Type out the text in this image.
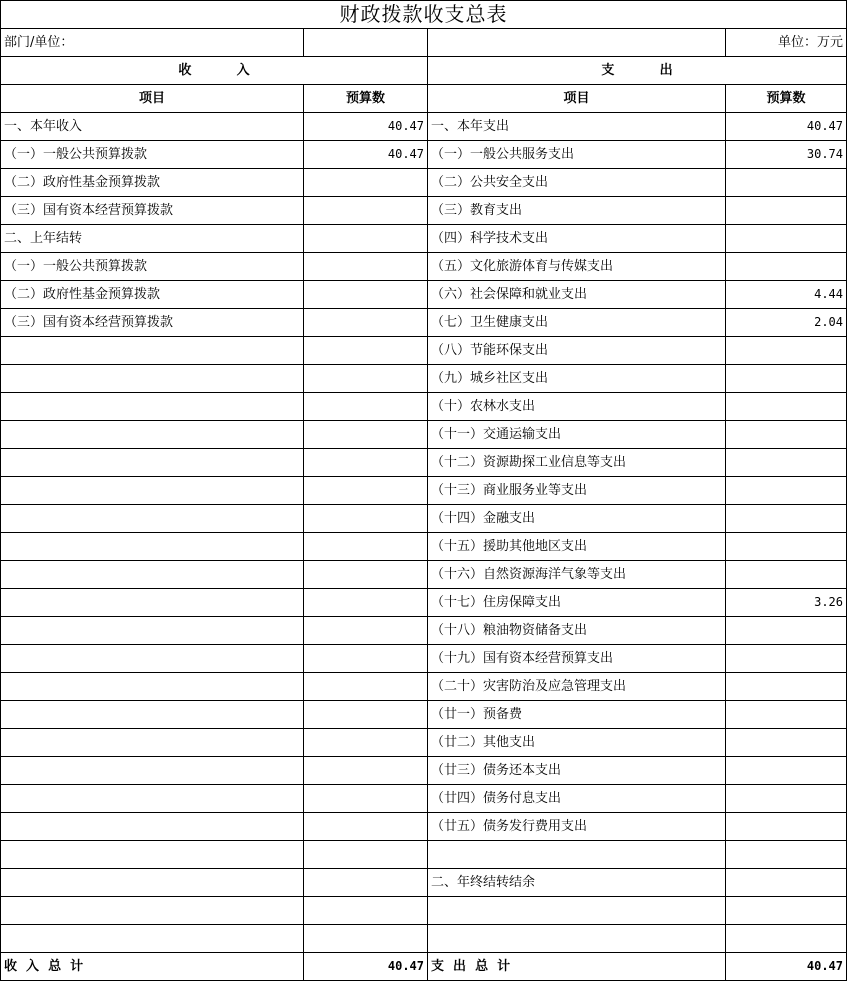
财政拨款收支总表			
部门/单位：			单位：万元
收          入		支          出	
项目	预算数	项目	预算数
一、本年收入	40.47	一、本年支出	40.47
（一）一般公共预算拨款	40.47	（一）一般公共服务支出	30.74
（二）政府性基金预算拨款		（二）公共安全支出	
（三）国有资本经营预算拨款		（三）教育支出	
二、上年结转		（四）科学技术支出	
（一）一般公共预算拨款		（五）文化旅游体育与传媒支出	
（二）政府性基金预算拨款		（六）社会保障和就业支出	4.44
（三）国有资本经营预算拨款		（七）卫生健康支出	2.04
		（八）节能环保支出	
		（九）城乡社区支出	
		（十）农林水支出	
		（十一）交通运输支出	
		（十二）资源勘探工业信息等支出	
		（十三）商业服务业等支出	
		（十四）金融支出	
		（十五）援助其他地区支出	
		（十六）自然资源海洋气象等支出	
		（十七）住房保障支出	3.26
		（十八）粮油物资储备支出	
		（十九）国有资本经营预算支出	
		（二十）灾害防治及应急管理支出	
		（廿一）预备费	
		（廿二）其他支出	
		（廿三）债务还本支出	
		（廿四）债务付息支出	
		（廿五）债务发行费用支出	

		二、年终结转结余	

收  入  总  计	40.47	支  出  总  计	40.47
